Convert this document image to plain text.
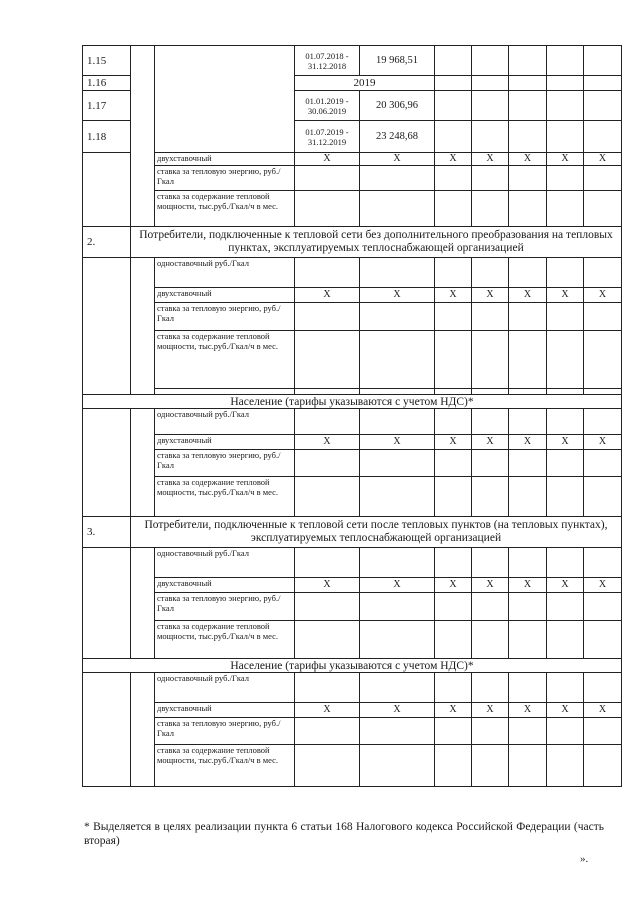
1.15			01.07.2018 - 31.12.2018	19 968,51					
1.16			2019						
1.17			01.01.2019 - 30.06.2019	20 306,96					
1.18			01.07.2019 - 31.12.2019	23 248,68					
		двухставочный	X	X	X	X	X	X	X
		ставка за тепловую энергию, руб./Гкал							
		ставка за содержание тепловой мощности, тыс.руб./Гкал/ч в мес.							
2.	Потребители, подключенные к тепловой сети без дополнительного преобразования на тепловых пунктах, эксплуатируемых теплоснабжающей организацией								
		одноставочный руб./Гкал							
		двухставочный	X	X	X	X	X	X	X
		ставка за тепловую энергию, руб./Гкал							
		ставка за содержание тепловой мощности, тыс.руб./Гкал/ч в мес.							

Население (тарифы указываются с учетом НДС)*									
		одноставочный руб./Гкал							
		двухставочный	X	X	X	X	X	X	X
		ставка за тепловую энергию, руб./Гкал							
		ставка за содержание тепловой мощности, тыс.руб./Гкал/ч в мес.							
3.	Потребители, подключенные к тепловой сети после тепловых пунктов (на тепловых пунктах), эксплуатируемых теплоснабжающей организацией								
		одноставочный руб./Гкал							
		двухставочный	X	X	X	X	X	X	X
		ставка за тепловую энергию, руб./Гкал							
		ставка за содержание тепловой мощности, тыс.руб./Гкал/ч в мес.							
Население (тарифы указываются с учетом НДС)*									
		одноставочный руб./Гкал							
		двухставочный	X	X	X	X	X	X	X
		ставка за тепловую энергию, руб./Гкал							
		ставка за содержание тепловой мощности, тыс.руб./Гкал/ч в мес.							
* Выделяется в целях реализации пункта 6 статьи 168 Налогового кодекса Российской Федерации (часть вторая)
».
